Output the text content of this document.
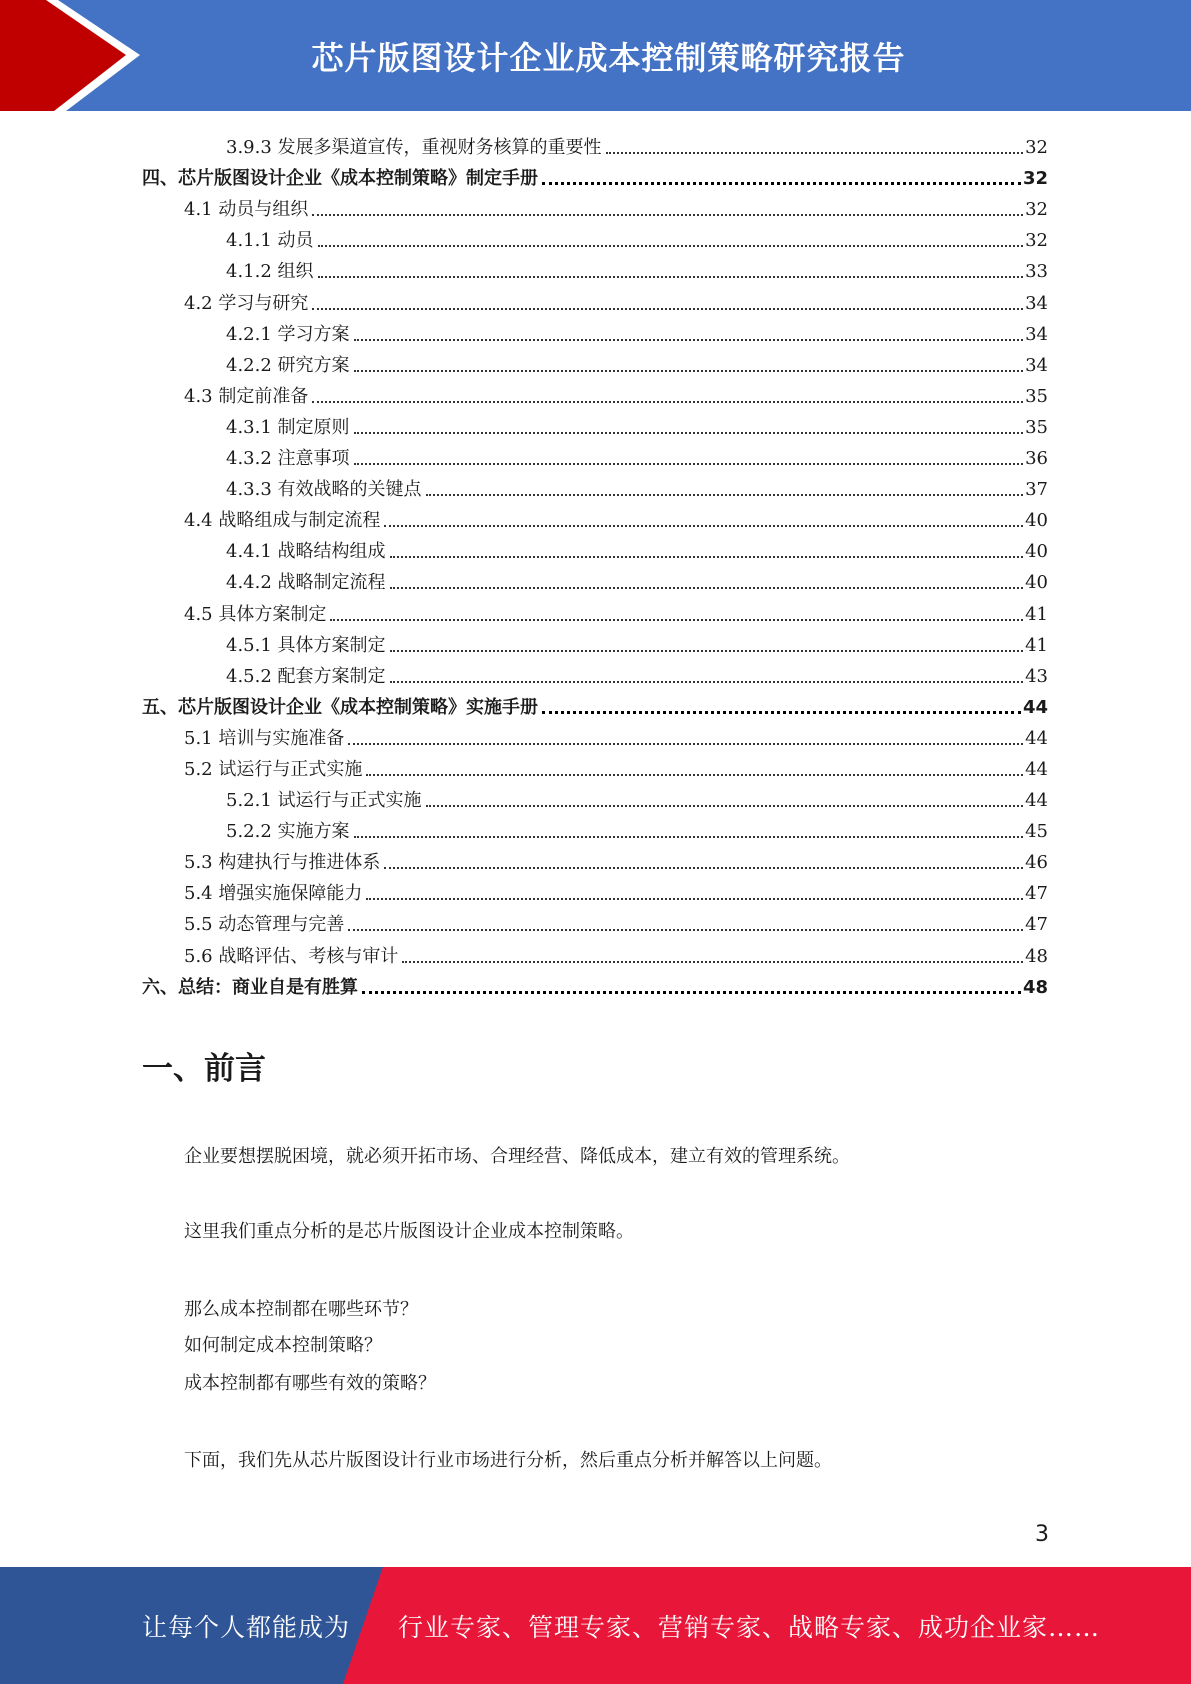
芯片版图设计企业成本控制策略研究报告
3.9.3 发展多渠道宣传，重视财务核算的重要性	32
四、芯片版图设计企业《成本控制策略》制定手册	32
4.1 动员与组织	32
4.1.1 动员	32
4.1.2 组织	33
4.2 学习与研究	34
4.2.1 学习方案	34
4.2.2 研究方案	34
4.3 制定前准备	35
4.3.1 制定原则	35
4.3.2 注意事项	36
4.3.3 有效战略的关键点	37
4.4 战略组成与制定流程	40
4.4.1 战略结构组成	40
4.4.2 战略制定流程	40
4.5 具体方案制定	41
4.5.1 具体方案制定	41
4.5.2 配套方案制定	43
五、芯片版图设计企业《成本控制策略》实施手册	44
5.1 培训与实施准备	44
5.2 试运行与正式实施	44
5.2.1 试运行与正式实施	44
5.2.2 实施方案	45
5.3 构建执行与推进体系	46
5.4 增强实施保障能力	47
5.5 动态管理与完善	47
5.6 战略评估、考核与审计	48
六、总结：商业自是有胜算	48
一、前言
企业要想摆脱困境，就必须开拓市场、合理经营、降低成本，建立有效的管理系统。
这里我们重点分析的是芯片版图设计企业成本控制策略。
那么成本控制都在哪些环节？
如何制定成本控制策略？
成本控制都有哪些有效的策略？
下面，我们先从芯片版图设计行业市场进行分析，然后重点分析并解答以上问题。
3
让每个人都能成为 行业专家、管理专家、营销专家、战略专家、成功企业家……
